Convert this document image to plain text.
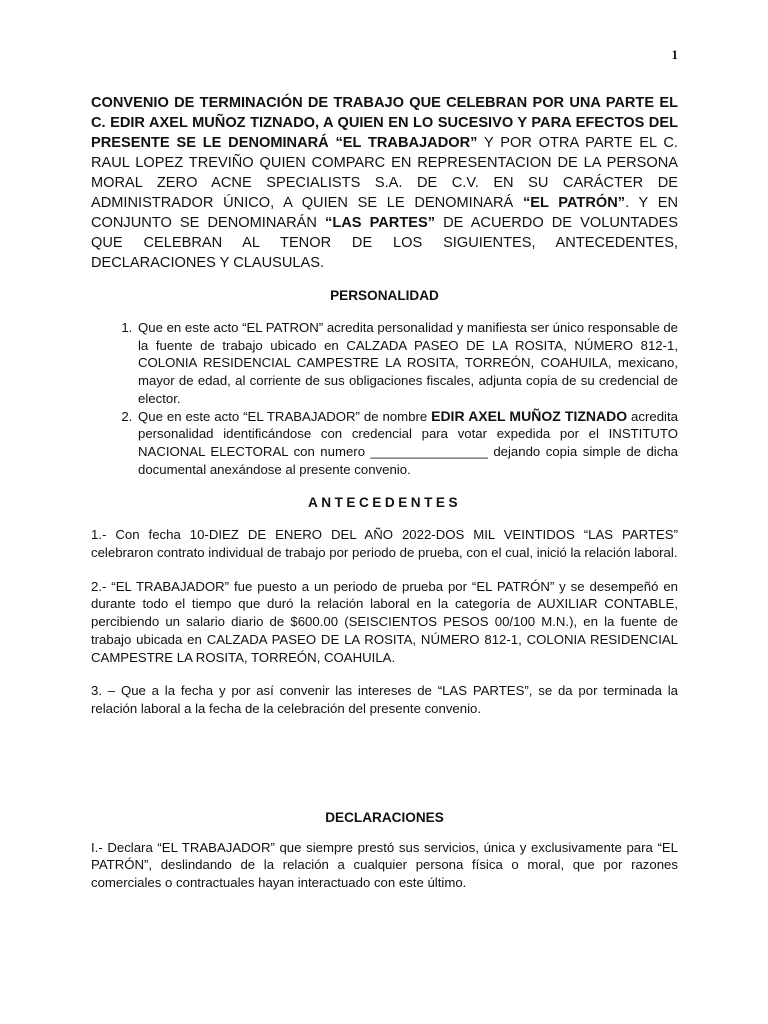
1

CONVENIO DE TERMINACIÓN DE TRABAJO QUE CELEBRAN POR UNA PARTE EL C. EDIR AXEL MUÑOZ TIZNADO, A QUIEN EN LO SUCESIVO Y PARA EFECTOS DEL PRESENTE SE LE DENOMINARÁ “EL TRABAJADOR” Y POR OTRA PARTE EL C. RAUL LOPEZ TREVIÑO QUIEN COMPARC EN REPRESENTACION DE LA PERSONA MORAL ZERO ACNE SPECIALISTS S.A. DE C.V. EN SU CARÁCTER DE ADMINISTRADOR ÚNICO, A QUIEN SE LE DENOMINARÁ “EL PATRÓN”. Y EN CONJUNTO SE DENOMINARÁN “LAS PARTES” DE ACUERDO DE VOLUNTADES QUE CELEBRAN AL TENOR DE LOS SIGUIENTES, ANTECEDENTES, DECLARACIONES Y CLAUSULAS.

PERSONALIDAD
1. Que en este acto “EL PATRON” acredita personalidad y manifiesta ser único responsable de la fuente de trabajo ubicado en CALZADA PASEO DE LA ROSITA, NÚMERO 812-1, COLONIA RESIDENCIAL CAMPESTRE LA ROSITA, TORREÓN, COAHUILA, mexicano, mayor de edad, al corriente de sus obligaciones fiscales, adjunta copia de su credencial de elector.
2. Que en este acto “EL TRABAJADOR” de nombre EDIR AXEL MUÑOZ TIZNADO acredita personalidad identificándose con credencial para votar expedida por el INSTITUTO NACIONAL ELECTORAL con numero ________________ dejando copia simple de dicha documental anexándose al presente convenio.
ANTECEDENTES

1.- Con fecha 10-DIEZ DE ENERO DEL AÑO 2022-DOS MIL VEINTIDOS “LAS PARTES” celebraron contrato individual de trabajo por periodo de prueba, con el cual, inició la relación laboral.

2.- “EL TRABAJADOR” fue puesto a un periodo de prueba por “EL PATRÓN” y se desempeñó en durante todo el tiempo que duró la relación laboral en la categoría de AUXILIAR CONTABLE, percibiendo un salario diario de $600.00 (SEISCIENTOS PESOS 00/100 M.N.), en la fuente de trabajo ubicada en CALZADA PASEO DE LA ROSITA, NÚMERO 812-1, COLONIA RESIDENCIAL CAMPESTRE LA ROSITA, TORREÓN, COAHUILA.

3. – Que a la fecha y por así convenir las intereses de “LAS PARTES”, se da por terminada la relación laboral a la fecha de la celebración del presente convenio.

DECLARACIONES

I.- Declara “EL TRABAJADOR” que siempre prestó sus servicios, única y exclusivamente para “EL PATRÓN”, deslindando de la relación a cualquier persona física o moral, que por razones comerciales o contractuales hayan interactuado con este último.
